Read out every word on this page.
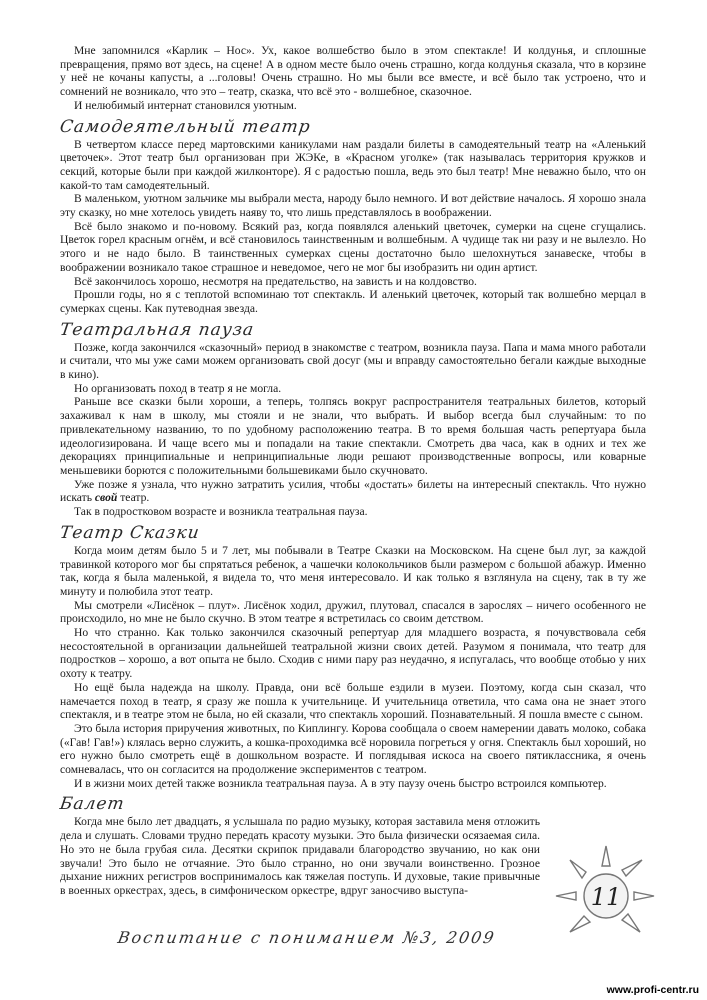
Мне запомнился «Карлик – Нос». Ух, какое волшебство было в этом спектакле! И колдунья, и сплошные превращения, прямо вот здесь, на сцене! А в одном месте было очень страшно, когда колдунья сказала, что в корзине у неё не кочаны капусты, а ...головы! Очень страшно. Но мы были все вместе, и всё было так устроено, что и сомнений не возникало, что это – театр, сказка, что всё это - волшебное, сказочное.

И нелюбимый интернат становился уютным.

Самодеятельный театр

В четвертом классе перед мартовскими каникулами нам раздали билеты в самодеятельный театр на «Аленький цветочек». Этот театр был организован при ЖЭКе, в «Красном уголке» (так называлась территория кружков и секций, которые были при каждой жилконторе). Я с радостью пошла, ведь это был театр! Мне неважно было, что он какой-то там самодеятельный.

В маленьком, уютном зальчике мы выбрали места, народу было немного. И вот действие началось. Я хорошо знала эту сказку, но мне хотелось увидеть наяву то, что лишь представлялось в воображении.

Всё было знакомо и по-новому. Всякий раз, когда появлялся аленький цветочек, сумерки на сцене сгущались. Цветок горел красным огнём, и всё становилось таинственным и волшебным. А чудище так ни разу и не вылезло. Но этого и не надо было. В таинственных сумерках сцены достаточно было шелохнуться занавеске, чтобы в воображении возникало такое страшное и неведомое, чего не мог бы изобразить ни один артист.

Всё закончилось хорошо, несмотря на предательство, на зависть и на колдовство.

Прошли годы, но я с теплотой вспоминаю тот спектакль. И аленький цветочек, который так волшебно мерцал в сумерках сцены. Как путеводная звезда.

Театральная пауза

Позже, когда закончился «сказочный» период в знакомстве с театром, возникла пауза. Папа и мама много работали и считали, что мы уже сами можем организовать свой досуг (мы и вправду самостоятельно бегали каждые выходные в кино).

Но организовать поход в театр я не могла.

Раньше все сказки были хороши, а теперь, толпясь вокруг распространителя театральных билетов, который захаживал к нам в школу, мы стояли и не знали, что выбрать. И выбор всегда был случайным: то по привлекательному названию, то по удобному расположению театра. В то время большая часть репертуара была идеологизирована. И чаще всего мы и попадали на такие спектакли. Смотреть два часа, как в одних и тех же декорациях принципиальные и непринципиальные люди решают производственные вопросы, или коварные меньшевики борются с положительными большевиками было скучновато.

Уже позже я узнала, что нужно затратить усилия, чтобы «достать» билеты на интересный спектакль. Что нужно искать свой театр.

Так в подростковом возрасте и возникла театральная пауза.

Театр Сказки

Когда моим детям было 5 и 7 лет, мы побывали в Театре Сказки на Московском. На сцене был луг, за каждой травинкой которого мог бы спрятаться ребенок, а чашечки колокольчиков были размером с большой абажур. Именно так, когда я была маленькой, я видела то, что меня интересовало. И как только я взглянула на сцену, так в ту же минуту и полюбила этот театр.

Мы смотрели «Лисёнок – плут». Лисёнок ходил, дружил, плутовал, спасался в зарослях – ничего особенного не происходило, но мне не было скучно. В этом театре я встретилась со своим детством.

Но что странно. Как только закончился сказочный репертуар для младшего возраста, я почувствовала себя несостоятельной в организации дальнейшей театральной жизни своих детей. Разумом я понимала, что театр для подростков – хорошо, а вот опыта не было. Сходив с ними пару раз неудачно, я испугалась, что вообще отобью у них охоту к театру.

Но ещё была надежда на школу. Правда, они всё больше ездили в музеи. Поэтому, когда сын сказал, что намечается поход в театр, я сразу же пошла к учительнице. И учительница ответила, что сама она не знает этого спектакля, и в театре этом не была, но ей сказали, что спектакль хороший. Познавательный. Я пошла вместе с сыном.

Это была история приручения животных, по Киплингу. Корова сообщала о своем намерении давать молоко, собака («Гав! Гав!») клялась верно служить, а кошка-проходимка всё норовила погреться у огня. Спектакль был хороший, но его нужно было смотреть ещё в дошкольном возрасте. И поглядывая искоса на своего пятиклассника, я очень сомневалась, что он согласится на продолжение экспериментов с театром.

И в жизни моих детей также возникла театральная пауза. А в эту паузу очень быстро встроился компьютер.

Балет

Когда мне было лет двадцать, я услышала по радио музыку, которая заставила меня отложить дела и слушать. Словами трудно передать красоту музыки. Это была физически осязаемая сила. Но это не была грубая сила. Десятки скрипок придавали благородство звучанию, но как они звучали! Это было не отчаяние. Это было странно, но они звучали воинственно. Грозное дыхание нижних регистров воспринималось как тяжелая поступь. И духовые, такие привычные в военных оркестрах, здесь, в симфоническом оркестре, вдруг заносчиво выступа-	11
Воспитание с пониманием №3, 2009
www.profi-centr.ru
